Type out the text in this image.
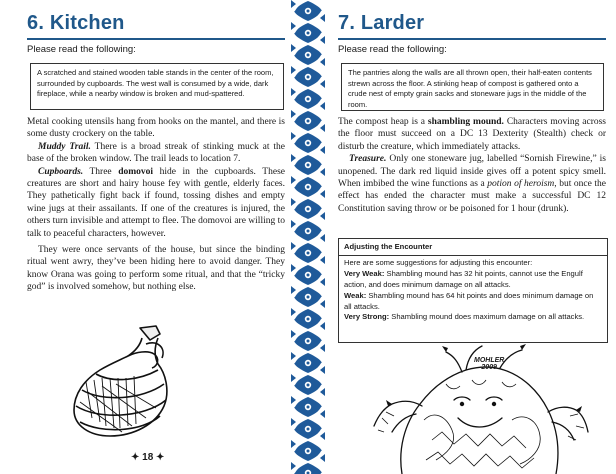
6. Kitchen
Please read the following:
A scratched and stained wooden table stands in the center of the room, surrounded by cupboards. The west wall is consumed by a wide, dark fireplace, while a nearby window is broken and mud-spattered.

Metal cooking utensils hang from hooks on the mantel, and there is some dusty crockery on the table.

Muddy Trail. There is a broad streak of stinking muck at the base of the broken window. The trail leads to location 7.

Cupboards. Three domovoi hide in the cupboards. These creatures are short and hairy house fey with gentle, elderly faces. They pathetically fight back if found, tossing dishes and empty wine jugs at their assailants. If one of the creatures is injured, the others turn invisible and attempt to flee. The domovoi are willing to talk to peaceful characters, however.

They were once servants of the house, but since the binding ritual went awry, they’ve been hiding here to avoid danger. They know Orana was going to perform some ritual, and that the “tricky god” is involved somehow, but nothing else.

✦ 18 ✦
7. Larder
Please read the following:
The pantries along the walls are all thrown open, their half-eaten contents strewn across the floor. A stinking heap of compost is gathered onto a crude nest of empty grain sacks and stoneware jugs in the middle of the room.

The compost heap is a shambling mound. Characters moving across the floor must succeed on a DC 13 Dexterity (Stealth) check or disturb the creature, which immediately attacks.

Treasure. Only one stoneware jug, labelled “Sornish Firewine,” is unopened. The dark red liquid inside gives off a potent spicy smell. When imbibed the wine functions as a potion of heroism, but once the effect has ended the character must make a successful DC 12 Constitution saving throw or be poisoned for 1 hour (drunk).

Adjusting the Encounter
Here are some suggestions for adjusting this encounter:
Very Weak: Shambling mound has 32 hit points, cannot use the Engulf action, and does minimum damage on all attacks.
Weak: Shambling mound has 64 hit points and does minimum damage on all attacks.
Very Strong: Shambling mound does maximum damage on all attacks.
MOHLER
2009
